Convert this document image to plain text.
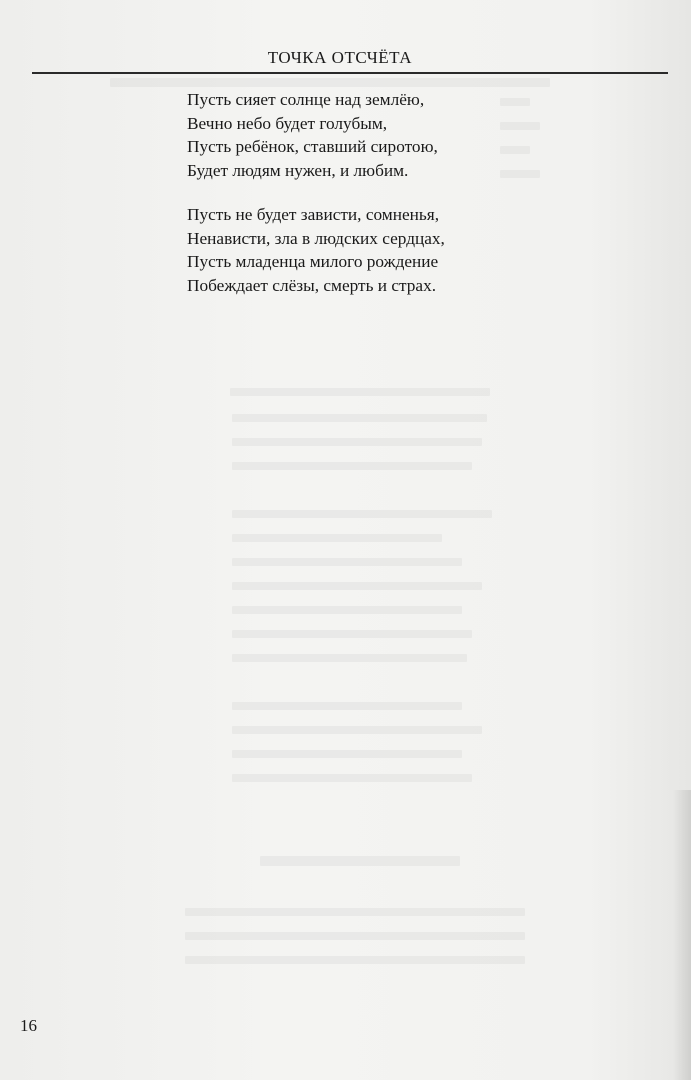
ТОЧКА ОТСЧЁТА
Пусть сияет солнце над землёю,
Вечно небо будет голубым,
Пусть ребёнок, ставший сиротою,
Будет людям нужен, и любим.
Пусть не будет зависти, сомненья,
Ненависти, зла в людских сердцах,
Пусть младенца милого рождение
Побеждает слёзы, смерть и страх.
16
